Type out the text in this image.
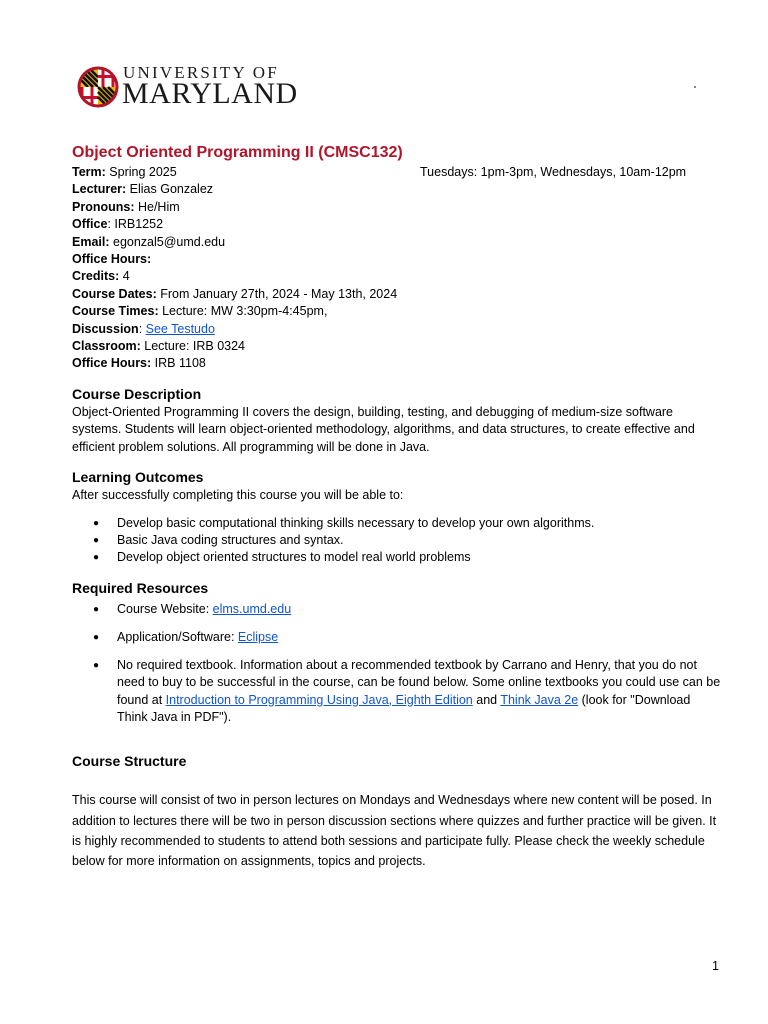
UNIVERSITY OF
MARYLAND

Object Oriented Programming II (CMSC132)

Tuesdays: 1pm-3pm, Wednesdays, 10am-12pm
Term: Spring 2025
Lecturer: Elias Gonzalez
Pronouns: He/Him
Office: IRB1252
Email: egonzal5@umd.edu
Office Hours:
Credits: 4
Course Dates: From January 27th, 2024 - May 13th, 2024
Course Times: Lecture: MW 3:30pm-4:45pm,
Discussion: See Testudo
Classroom: Lecture: IRB 0324
Office Hours: IRB 1108
Course Description

Object-Oriented Programming II covers the design, building, testing, and debugging of medium-size software systems. Students will learn object-oriented methodology, algorithms, and data structures, to create effective and efficient problem solutions. All programming will be done in Java.

Learning Outcomes

After successfully completing this course you will be able to:

● Develop basic computational thinking skills necessary to develop your own algorithms.
● Basic Java coding structures and syntax.
● Develop object oriented structures to model real world problems
Required Resources
● Course Website: elms.umd.edu
● Application/Software: Eclipse
● No required textbook. Information about a recommended textbook by Carrano and Henry, that you do not need to buy to be successful in the course, can be found below. Some online textbooks you could use can be found at Introduction to Programming Using Java, Eighth Edition and Think Java 2e (look for "Download Think Java in PDF").
Course Structure

This course will consist of two in person lectures on Mondays and Wednesdays where new content will be posed. In addition to lectures there will be two in person discussion sections where quizzes and further practice will be given. It is highly recommended to students to attend both sessions and participate fully. Please check the weekly schedule below for more information on assignments, topics and projects.

1
